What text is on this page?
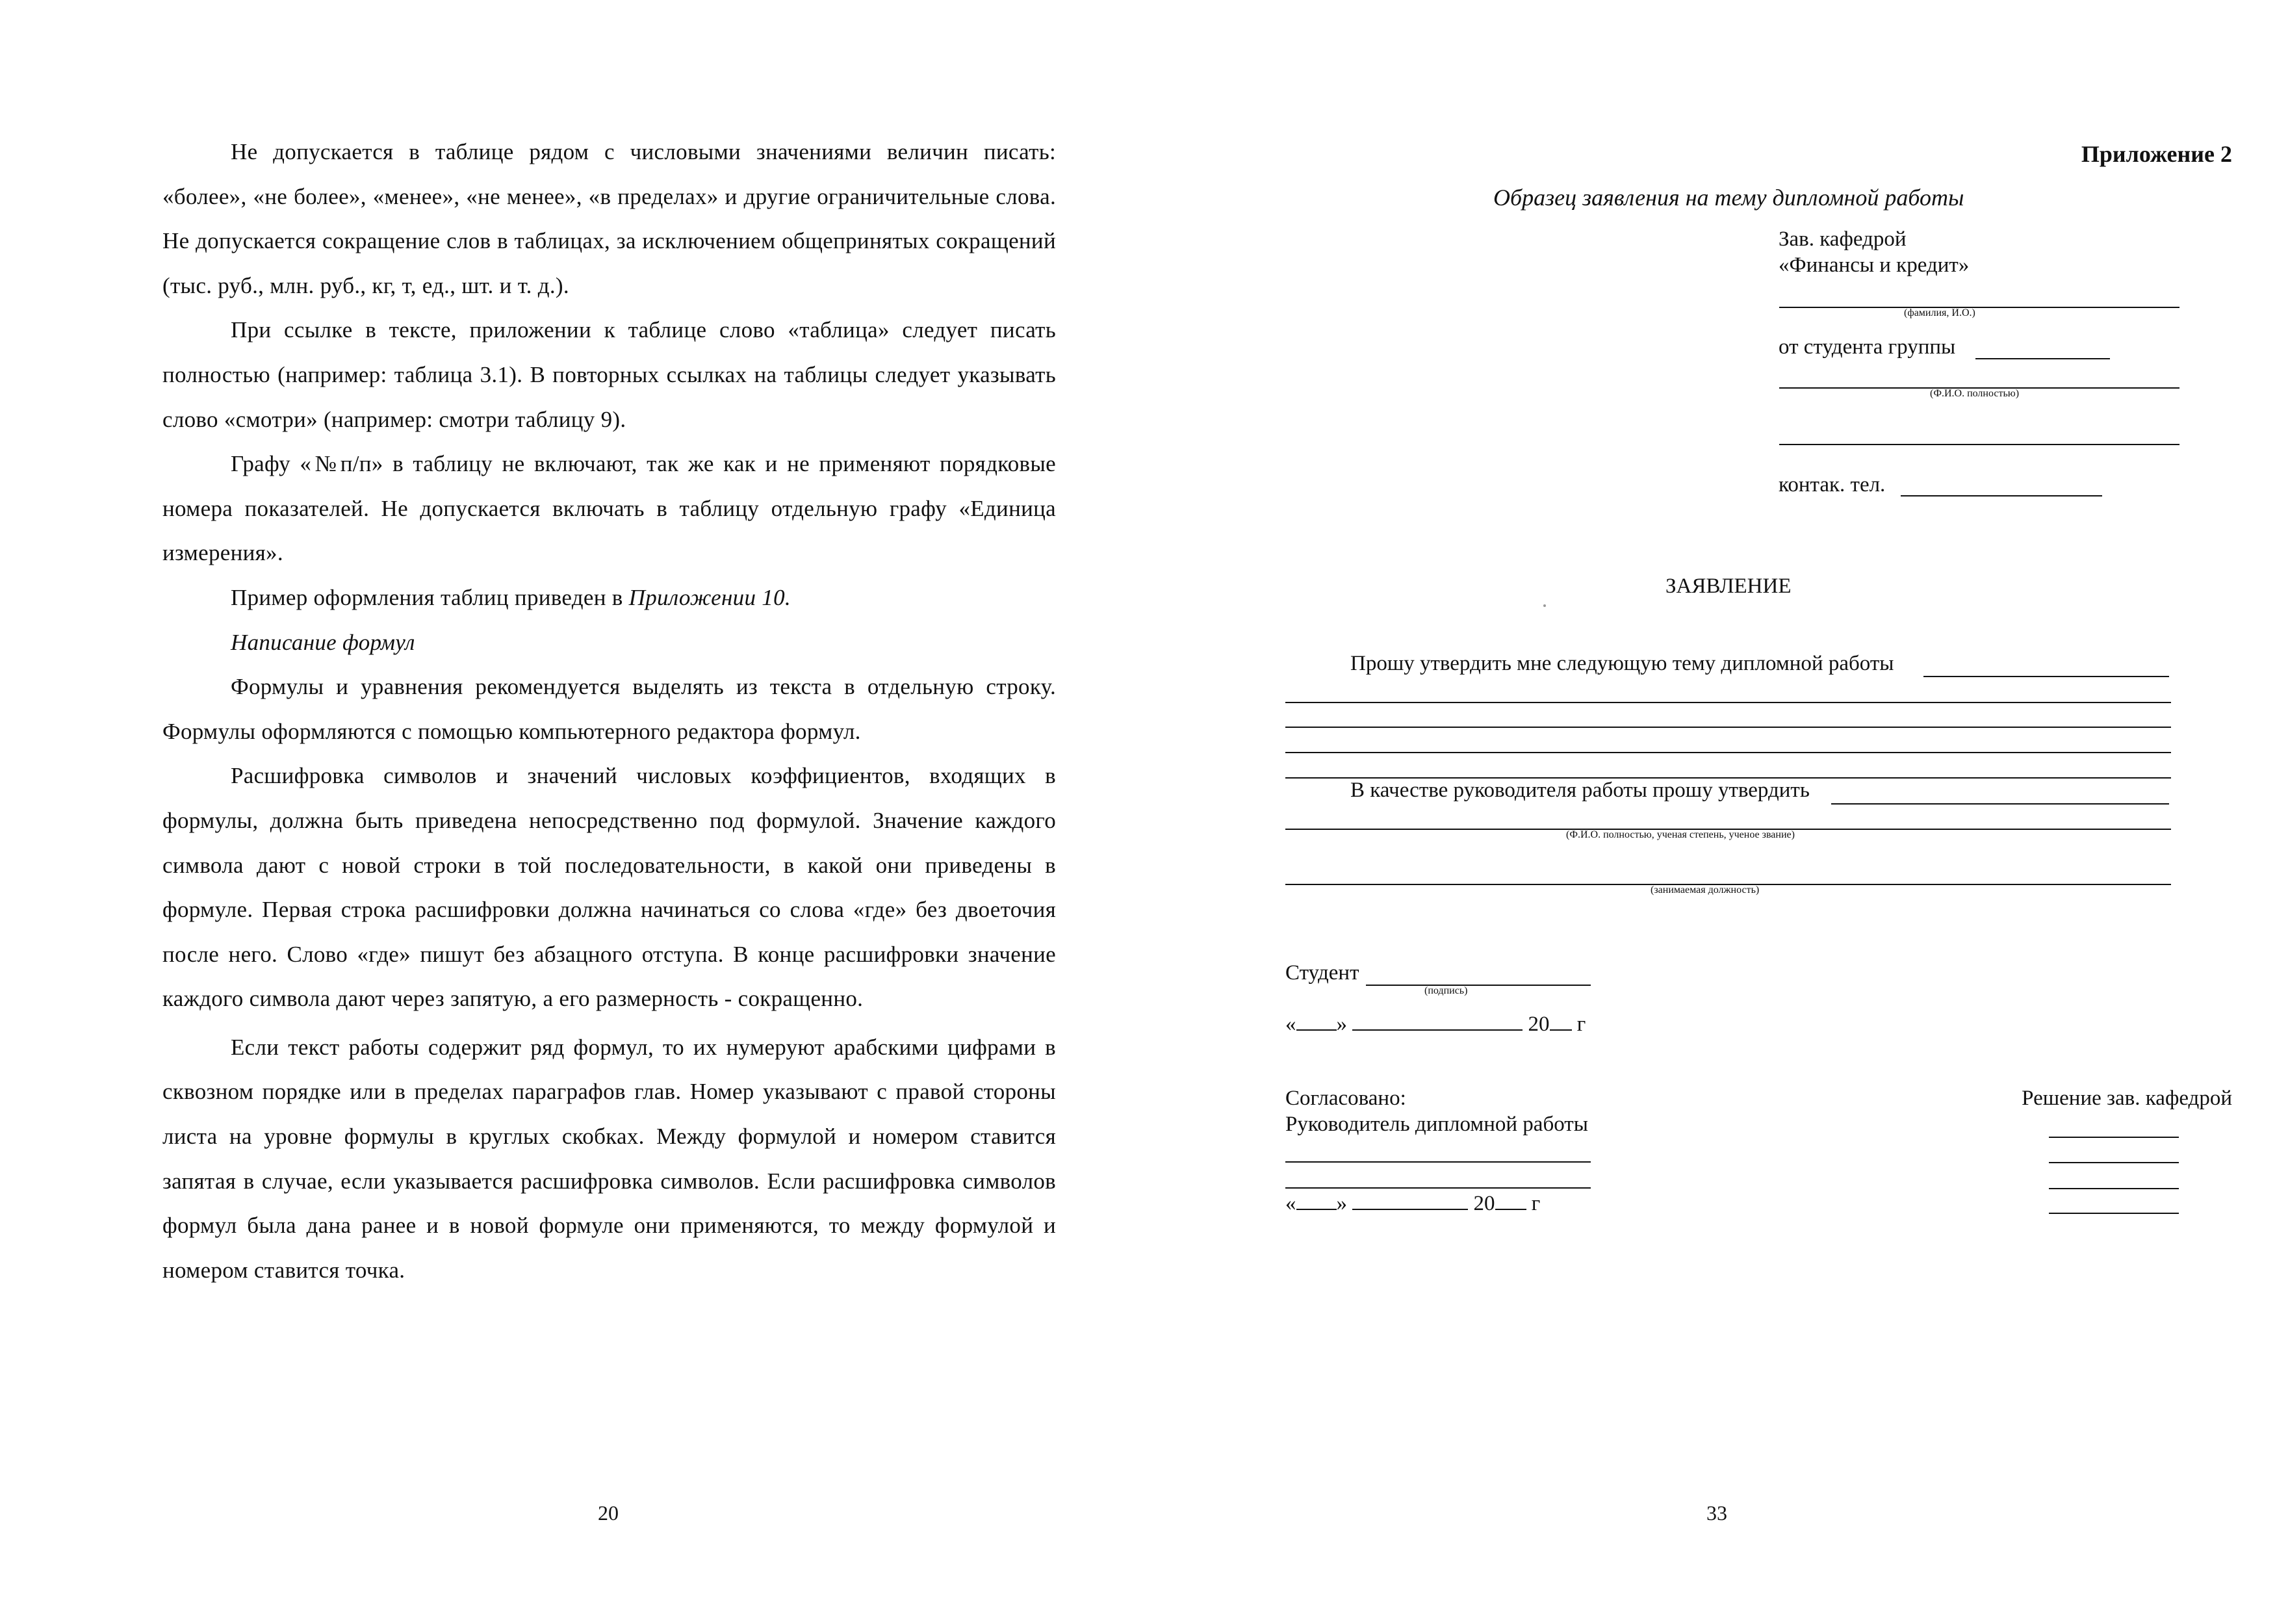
Не допускается в таблице рядом с числовыми значениями величин писать: «более», «не более», «менее», «не менее», «в пределах» и другие ограничительные слова. Не допускается сокращение слов в таблицах, за исключением общепринятых сокращений (тыс. руб., млн. руб., кг, т, ед., шт. и т. д.).

При ссылке в тексте, приложении к таблице слово «таблица» следует писать полностью (например: таблица 3.1). В повторных ссылках на таблицы следует указывать слово «смотри» (например: смотри таблицу 9).

Графу «№п/п» в таблицу не включают, так же как и не применяют порядковые номера показателей. Не допускается включать в таблицу отдельную графу «Единица измерения».

Пример оформления таблиц приведен в Приложении 10.

Написание формул

Формулы и уравнения рекомендуется выделять из текста в отдельную строку. Формулы оформляются с помощью компьютерного редактора формул.

Расшифровка символов и значений числовых коэффициентов, входящих в формулы, должна быть приведена непосредственно под формулой. Значение каждого символа дают с новой строки в той последовательности, в какой они приведены в формуле. Первая строка расшифровки должна начинаться со слова «где» без двоеточия после него. Слово «где» пишут без абзацного отступа. В конце расшифровки значение каждого символа дают через запятую, а его размерность - сокращенно.

Если текст работы содержит ряд формул, то их нумеруют арабскими цифрами в сквозном порядке или в пределах параграфов глав. Номер указывают с правой стороны листа на уровне формулы в круглых скобках. Между формулой и номером ставится запятая в случае, если указывается расшифровка символов. Если расшифровка символов формул была дана ранее и в новой формуле они применяются, то между формулой и номером ставится точка.

20
Приложение 2
Образец заявления на тему дипломной работы
Зав. кафедрой
«Финансы и кредит»
(фамилия, И.О.)
от студента группы
(Ф.И.О. полностью)
контак. тел.
ЗАЯВЛЕНИЕ
Прошу утвердить мне следующую тему дипломной работы
В качестве руководителя работы прошу утвердить
(Ф.И.О. полностью, ученая степень, ученое звание)
(занимаемая должность)
Студент
(подпись)
« »	20 г
Согласовано:
Руководитель дипломной работы
« »	20 г
Решение зав. кафедрой
33
